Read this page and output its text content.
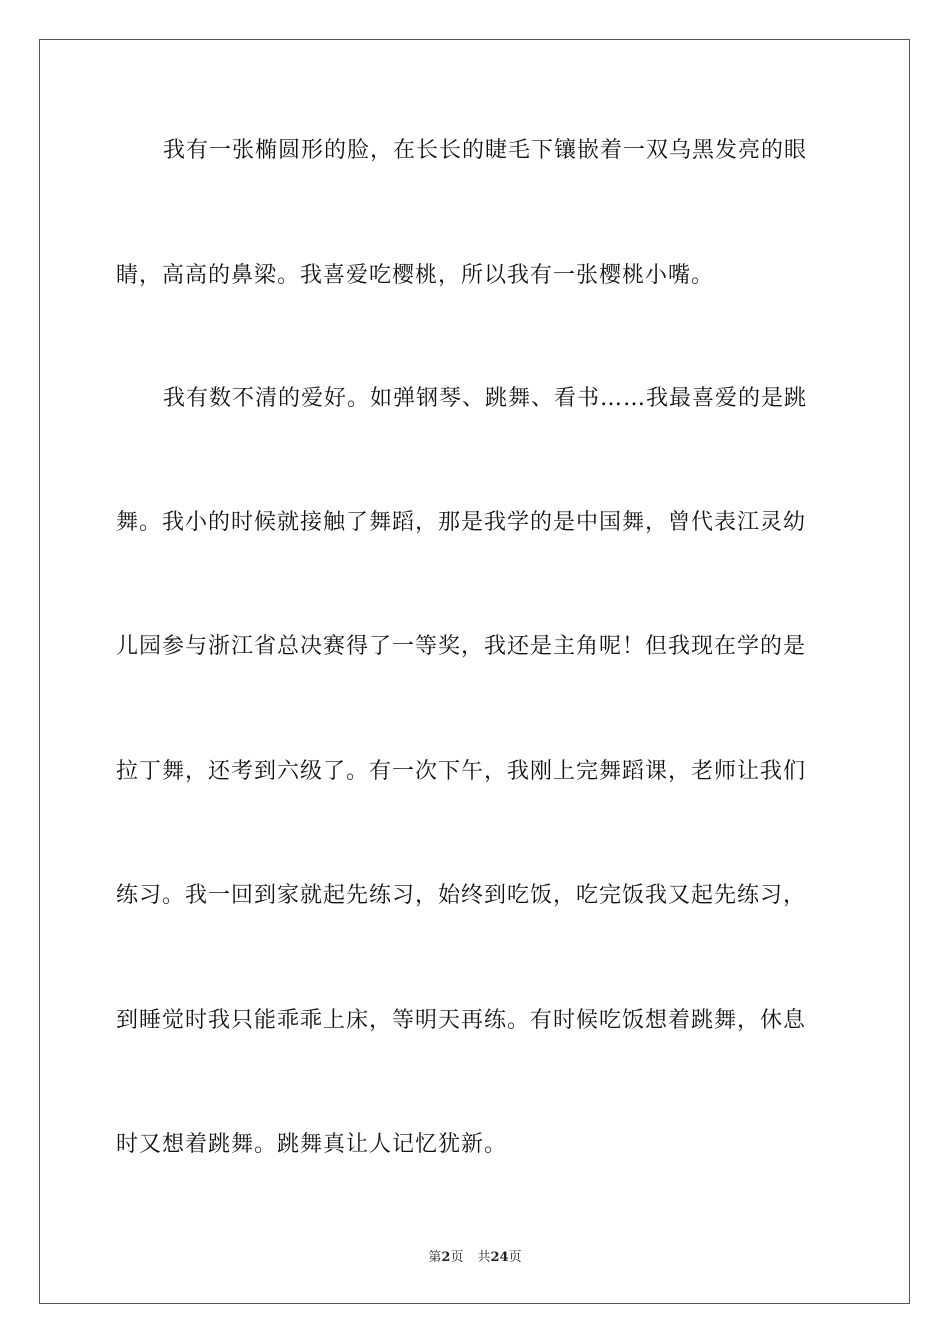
我有一张椭圆形的脸，在长长的睫毛下镶嵌着一双乌黑发亮的眼
睛，高高的鼻梁。我喜爱吃樱桃，所以我有一张樱桃小嘴。
我有数不清的爱好。如弹钢琴、跳舞、看书……我最喜爱的是跳
舞。我小的时候就接触了舞蹈，那是我学的是中国舞，曾代表江灵幼
儿园参与浙江省总决赛得了一等奖，我还是主角呢！但我现在学的是
拉丁舞，还考到六级了。有一次下午，我刚上完舞蹈课，老师让我们
练习。我一回到家就起先练习，始终到吃饭，吃完饭我又起先练习，
到睡觉时我只能乖乖上床，等明天再练。有时候吃饭想着跳舞，休息
时又想着跳舞。跳舞真让人记忆犹新。
第2页 共24页
